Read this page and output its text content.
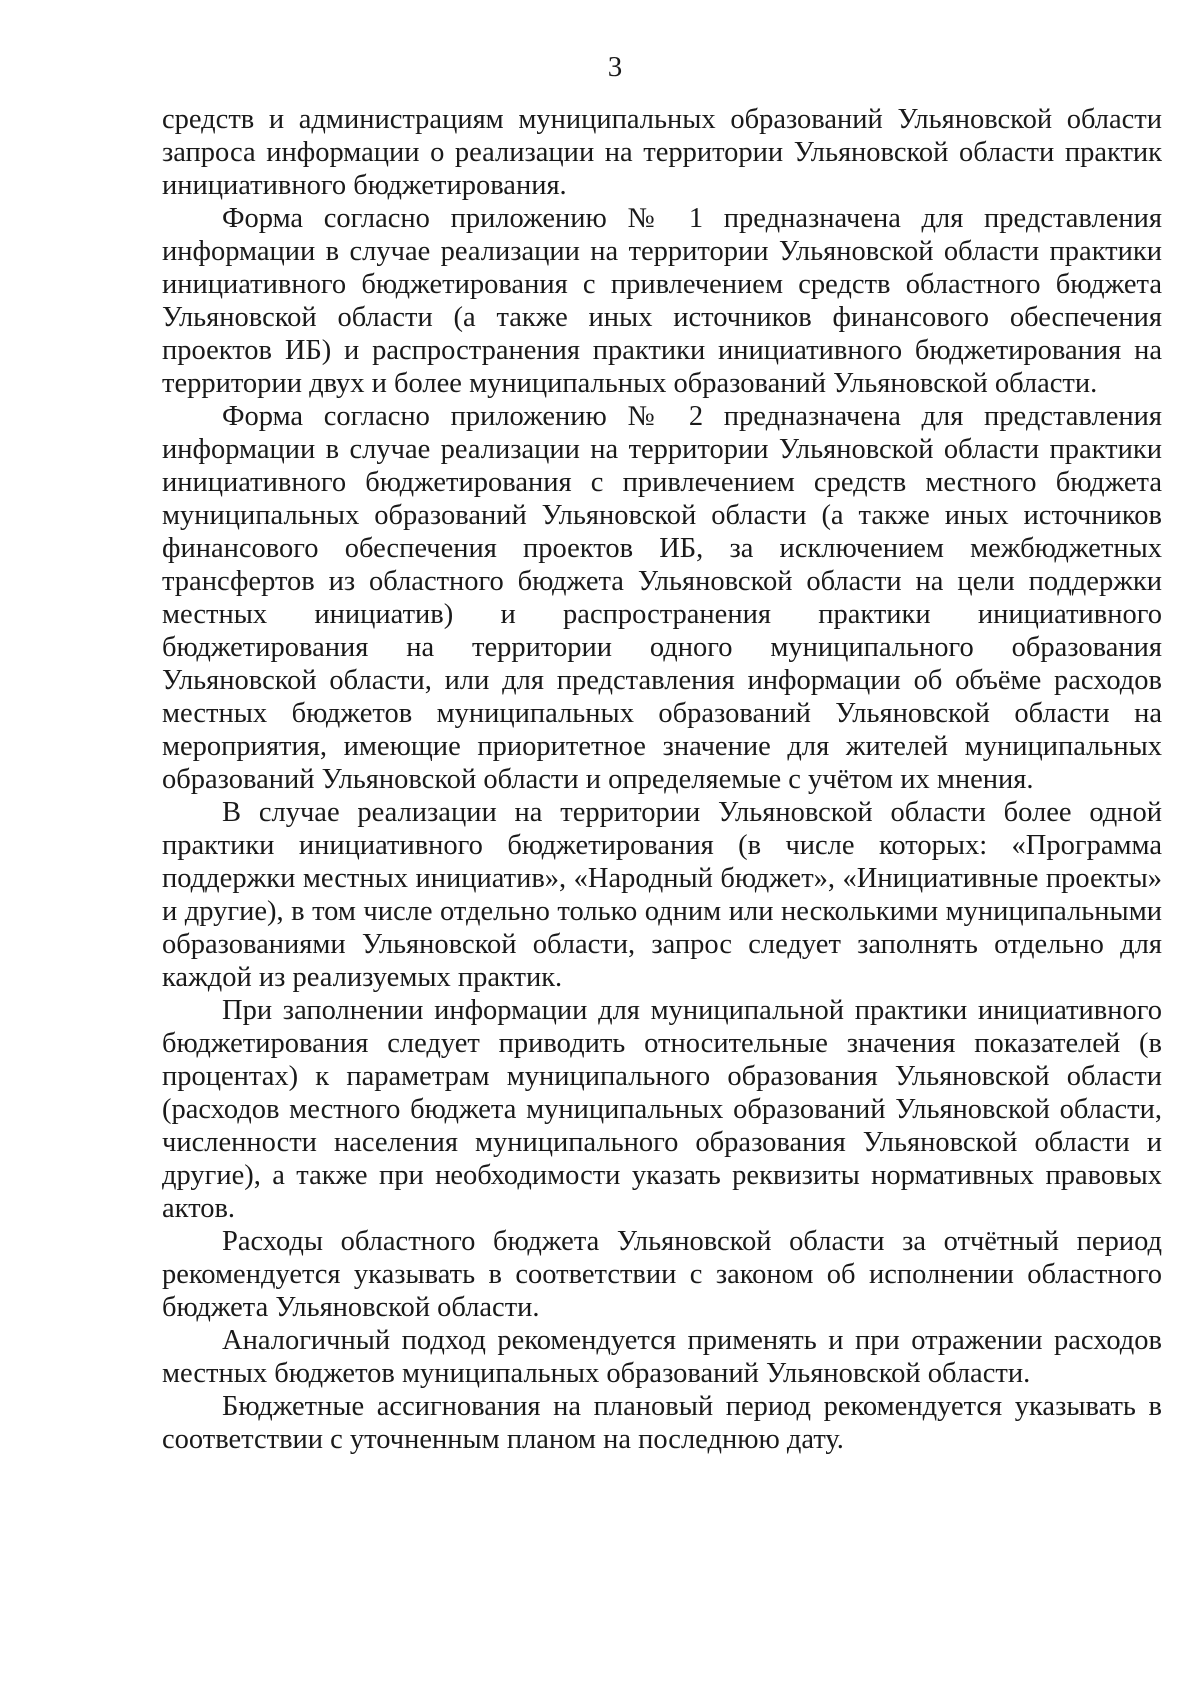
3

средств и администрациям муниципальных образований Ульяновской области запроса информации о реализации на территории Ульяновской области практик инициативного бюджетирования.

Форма согласно приложению № 1 предназначена для представления информации в случае реализации на территории Ульяновской области практики инициативного бюджетирования с привлечением средств областного бюджета Ульяновской области (а также иных источников финансового обеспечения проектов ИБ) и распространения практики инициативного бюджетирования на территории двух и более муниципальных образований Ульяновской области.

Форма согласно приложению № 2 предназначена для представления информации в случае реализации на территории Ульяновской области практики инициативного бюджетирования с привлечением средств местного бюджета муниципальных образований Ульяновской области (а также иных источников финансового обеспечения проектов ИБ, за исключением межбюджетных трансфертов из областного бюджета Ульяновской области на цели поддержки местных инициатив) и распространения практики инициативного бюджетирования на территории одного муниципального образования Ульяновской области, или для представления информации об объёме расходов местных бюджетов муниципальных образований Ульяновской области на мероприятия, имеющие приоритетное значение для жителей муниципальных образований Ульяновской области и определяемые с учётом их мнения.

В случае реализации на территории Ульяновской области более одной практики инициативного бюджетирования (в числе которых: «Программа поддержки местных инициатив», «Народный бюджет», «Инициативные проекты» и другие), в том числе отдельно только одним или несколькими муниципальными образованиями Ульяновской области, запрос следует заполнять отдельно для каждой из реализуемых практик.

При заполнении информации для муниципальной практики инициативного бюджетирования следует приводить относительные значения показателей (в процентах) к параметрам муниципального образования Ульяновской области (расходов местного бюджета муниципальных образований Ульяновской области, численности населения муниципального образования Ульяновской области и другие), а также при необходимости указать реквизиты нормативных правовых актов.

Расходы областного бюджета Ульяновской области за отчётный период рекомендуется указывать в соответствии с законом об исполнении областного бюджета Ульяновской области.

Аналогичный подход рекомендуется применять и при отражении расходов местных бюджетов муниципальных образований Ульяновской области.

Бюджетные ассигнования на плановый период рекомендуется указывать в соответствии с уточненным планом на последнюю дату.
